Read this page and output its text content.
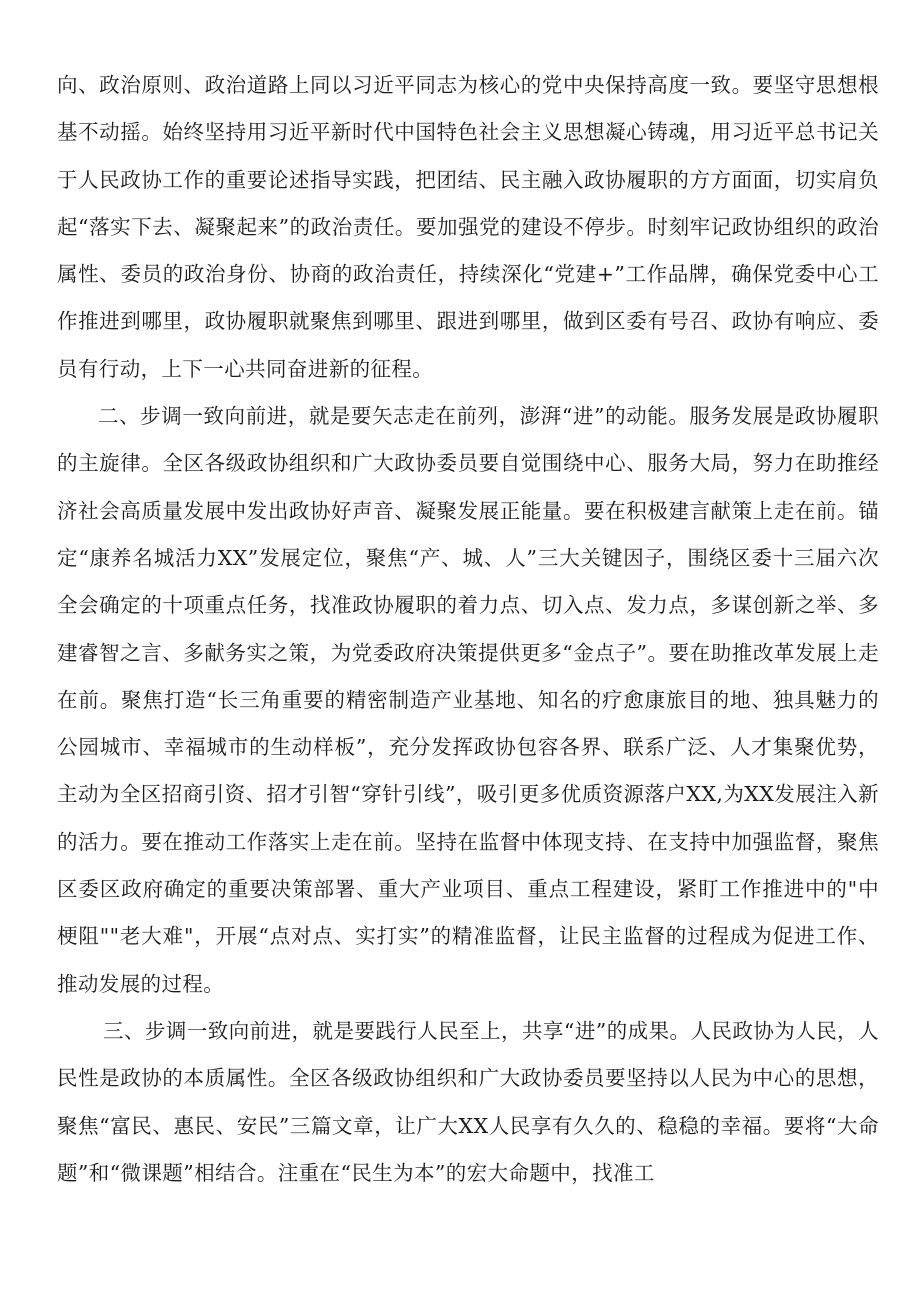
向、政治原则、政治道路上同以习近平同志为核心的党中央保持高度一致。要坚守思想根基不动摇。始终坚持用习近平新时代中国特色社会主义思想凝心铸魂，用习近平总书记关于人民政协工作的重要论述指导实践，把团结、民主融入政协履职的方方面面，切实肩负起“落实下去、凝聚起来”的政治责任。要加强党的建设不停步。时刻牢记政协组织的政治属性、委员的政治身份、协商的政治责任，持续深化“党建+”工作品牌，确保党委中心工作推进到哪里，政协履职就聚焦到哪里、跟进到哪里，做到区委有号召、政协有响应、委员有行动，上下一心共同奋进新的征程。

二、步调一致向前进，就是要矢志走在前列，澎湃“进”的动能。服务发展是政协履职的主旋律。全区各级政协组织和广大政协委员要自觉围绕中心、服务大局，努力在助推经济社会高质量发展中发出政协好声音、凝聚发展正能量。要在积极建言献策上走在前。锚定“康养名城活力XX”发展定位，聚焦“产、城、人”三大关键因子，围绕区委十三届六次全会确定的十项重点任务，找准政协履职的着力点、切入点、发力点，多谋创新之举、多建睿智之言、多献务实之策，为党委政府决策提供更多“金点子”。要在助推改革发展上走在前。聚焦打造“长三角重要的精密制造产业基地、知名的疗愈康旅目的地、独具魅力的公园城市、幸福城市的生动样板”，充分发挥政协包容各界、联系广泛、人才集聚优势，主动为全区招商引资、招才引智“穿针引线”，吸引更多优质资源落户XX,为XX发展注入新的活力。要在推动工作落实上走在前。坚持在监督中体现支持、在支持中加强监督，聚焦区委区政府确定的重要决策部署、重大产业项目、重点工程建设，紧盯工作推进中的"中梗阻""老大难"，开展“点对点、实打实”的精准监督，让民主监督的过程成为促进工作、推动发展的过程。

三、步调一致向前进，就是要践行人民至上，共享“进”的成果。人民政协为人民，人民性是政协的本质属性。全区各级政协组织和广大政协委员要坚持以人民为中心的思想，聚焦“富民、惠民、安民”三篇文章，让广大XX人民享有久久的、稳稳的幸福。要将“大命题”和“微课题”相结合。注重在“民生为本”的宏大命题中，找准工
